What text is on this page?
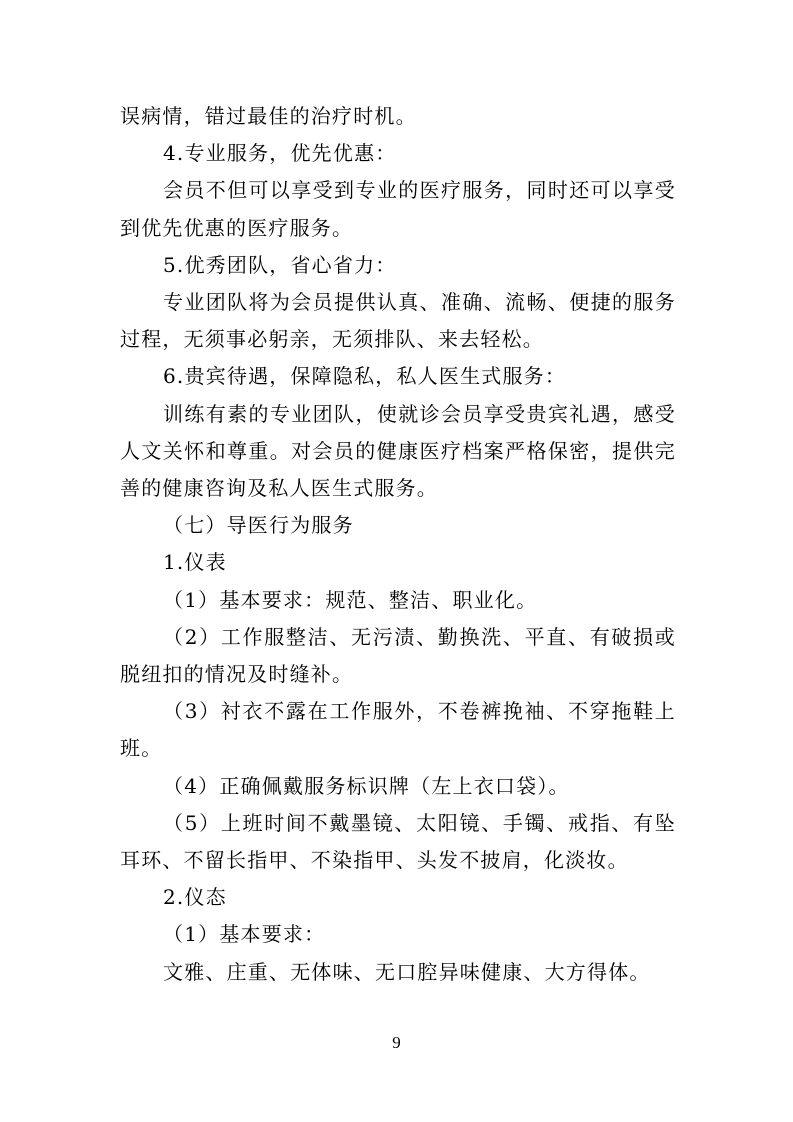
误病情，错过最佳的治疗时机。

4.专业服务，优先优惠：

会员不但可以享受到专业的医疗服务，同时还可以享受到优先优惠的医疗服务。

5.优秀团队，省心省力：

专业团队将为会员提供认真、准确、流畅、便捷的服务过程，无须事必躬亲，无须排队、来去轻松。

6.贵宾待遇，保障隐私，私人医生式服务：

训练有素的专业团队，使就诊会员享受贵宾礼遇，感受人文关怀和尊重。对会员的健康医疗档案严格保密，提供完善的健康咨询及私人医生式服务。

（七）导医行为服务

1.仪表

（1）基本要求：规范、整洁、职业化。

（2）工作服整洁、无污渍、勤换洗、平直、有破损或脱纽扣的情况及时缝补。

（3）衬衣不露在工作服外，不卷裤挽袖、不穿拖鞋上班。

（4）正确佩戴服务标识牌（左上衣口袋）。

（5）上班时间不戴墨镜、太阳镜、手镯、戒指、有坠耳环、不留长指甲、不染指甲、头发不披肩，化淡妆。

2.仪态

（1）基本要求：

文雅、庄重、无体味、无口腔异味健康、大方得体。

9
